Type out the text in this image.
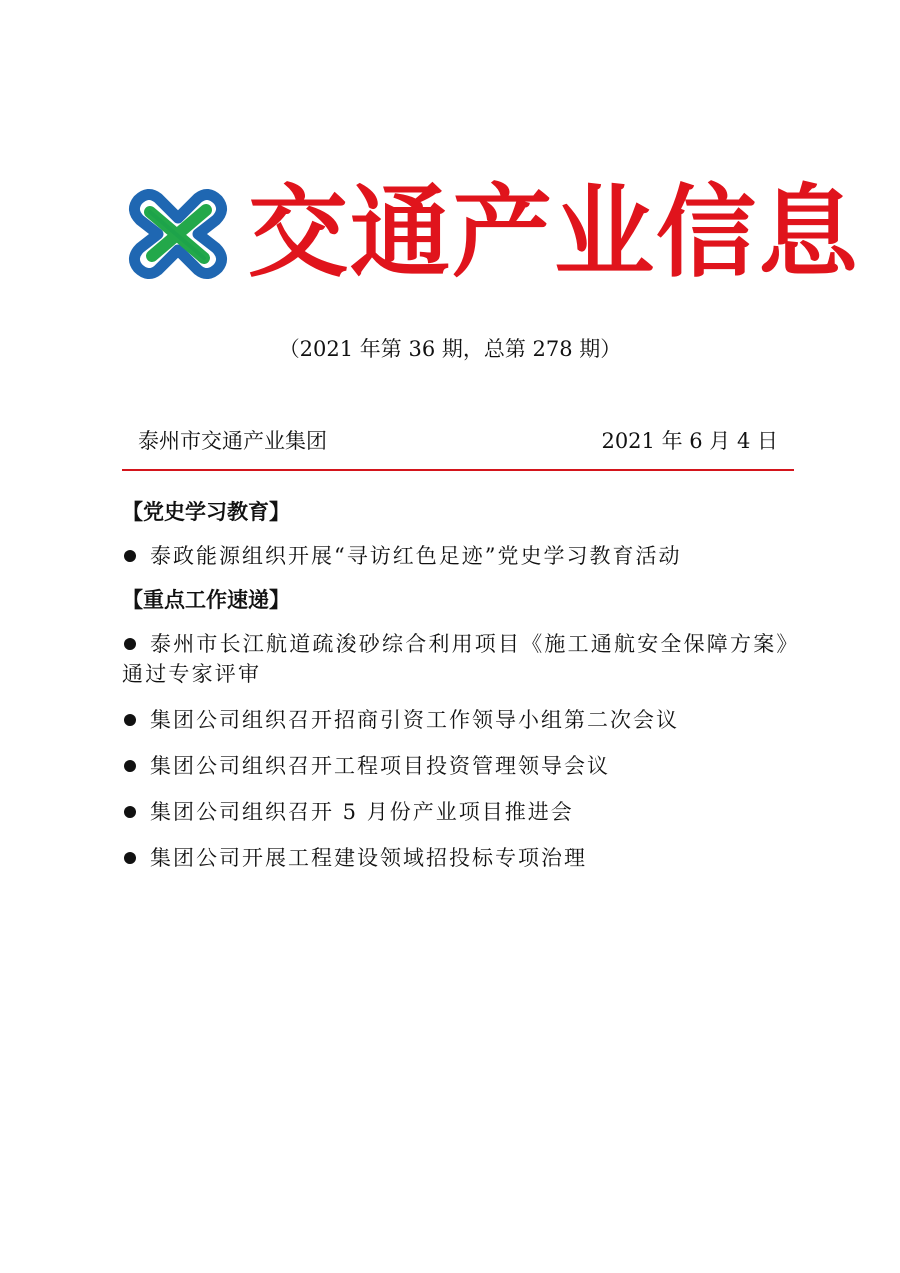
交通产业信息
（2021 年第 36 期，总第 278 期）
泰州市交通产业集团	2021 年 6 月 4 日
【党史学习教育】
泰政能源组织开展“寻访红色足迹”党史学习教育活动
【重点工作速递】
泰州市长江航道疏浚砂综合利用项目《施工通航安全保障方案》通过专家评审
集团公司组织召开招商引资工作领导小组第二次会议
集团公司组织召开工程项目投资管理领导会议
集团公司组织召开 5 月份产业项目推进会
集团公司开展工程建设领域招投标专项治理
